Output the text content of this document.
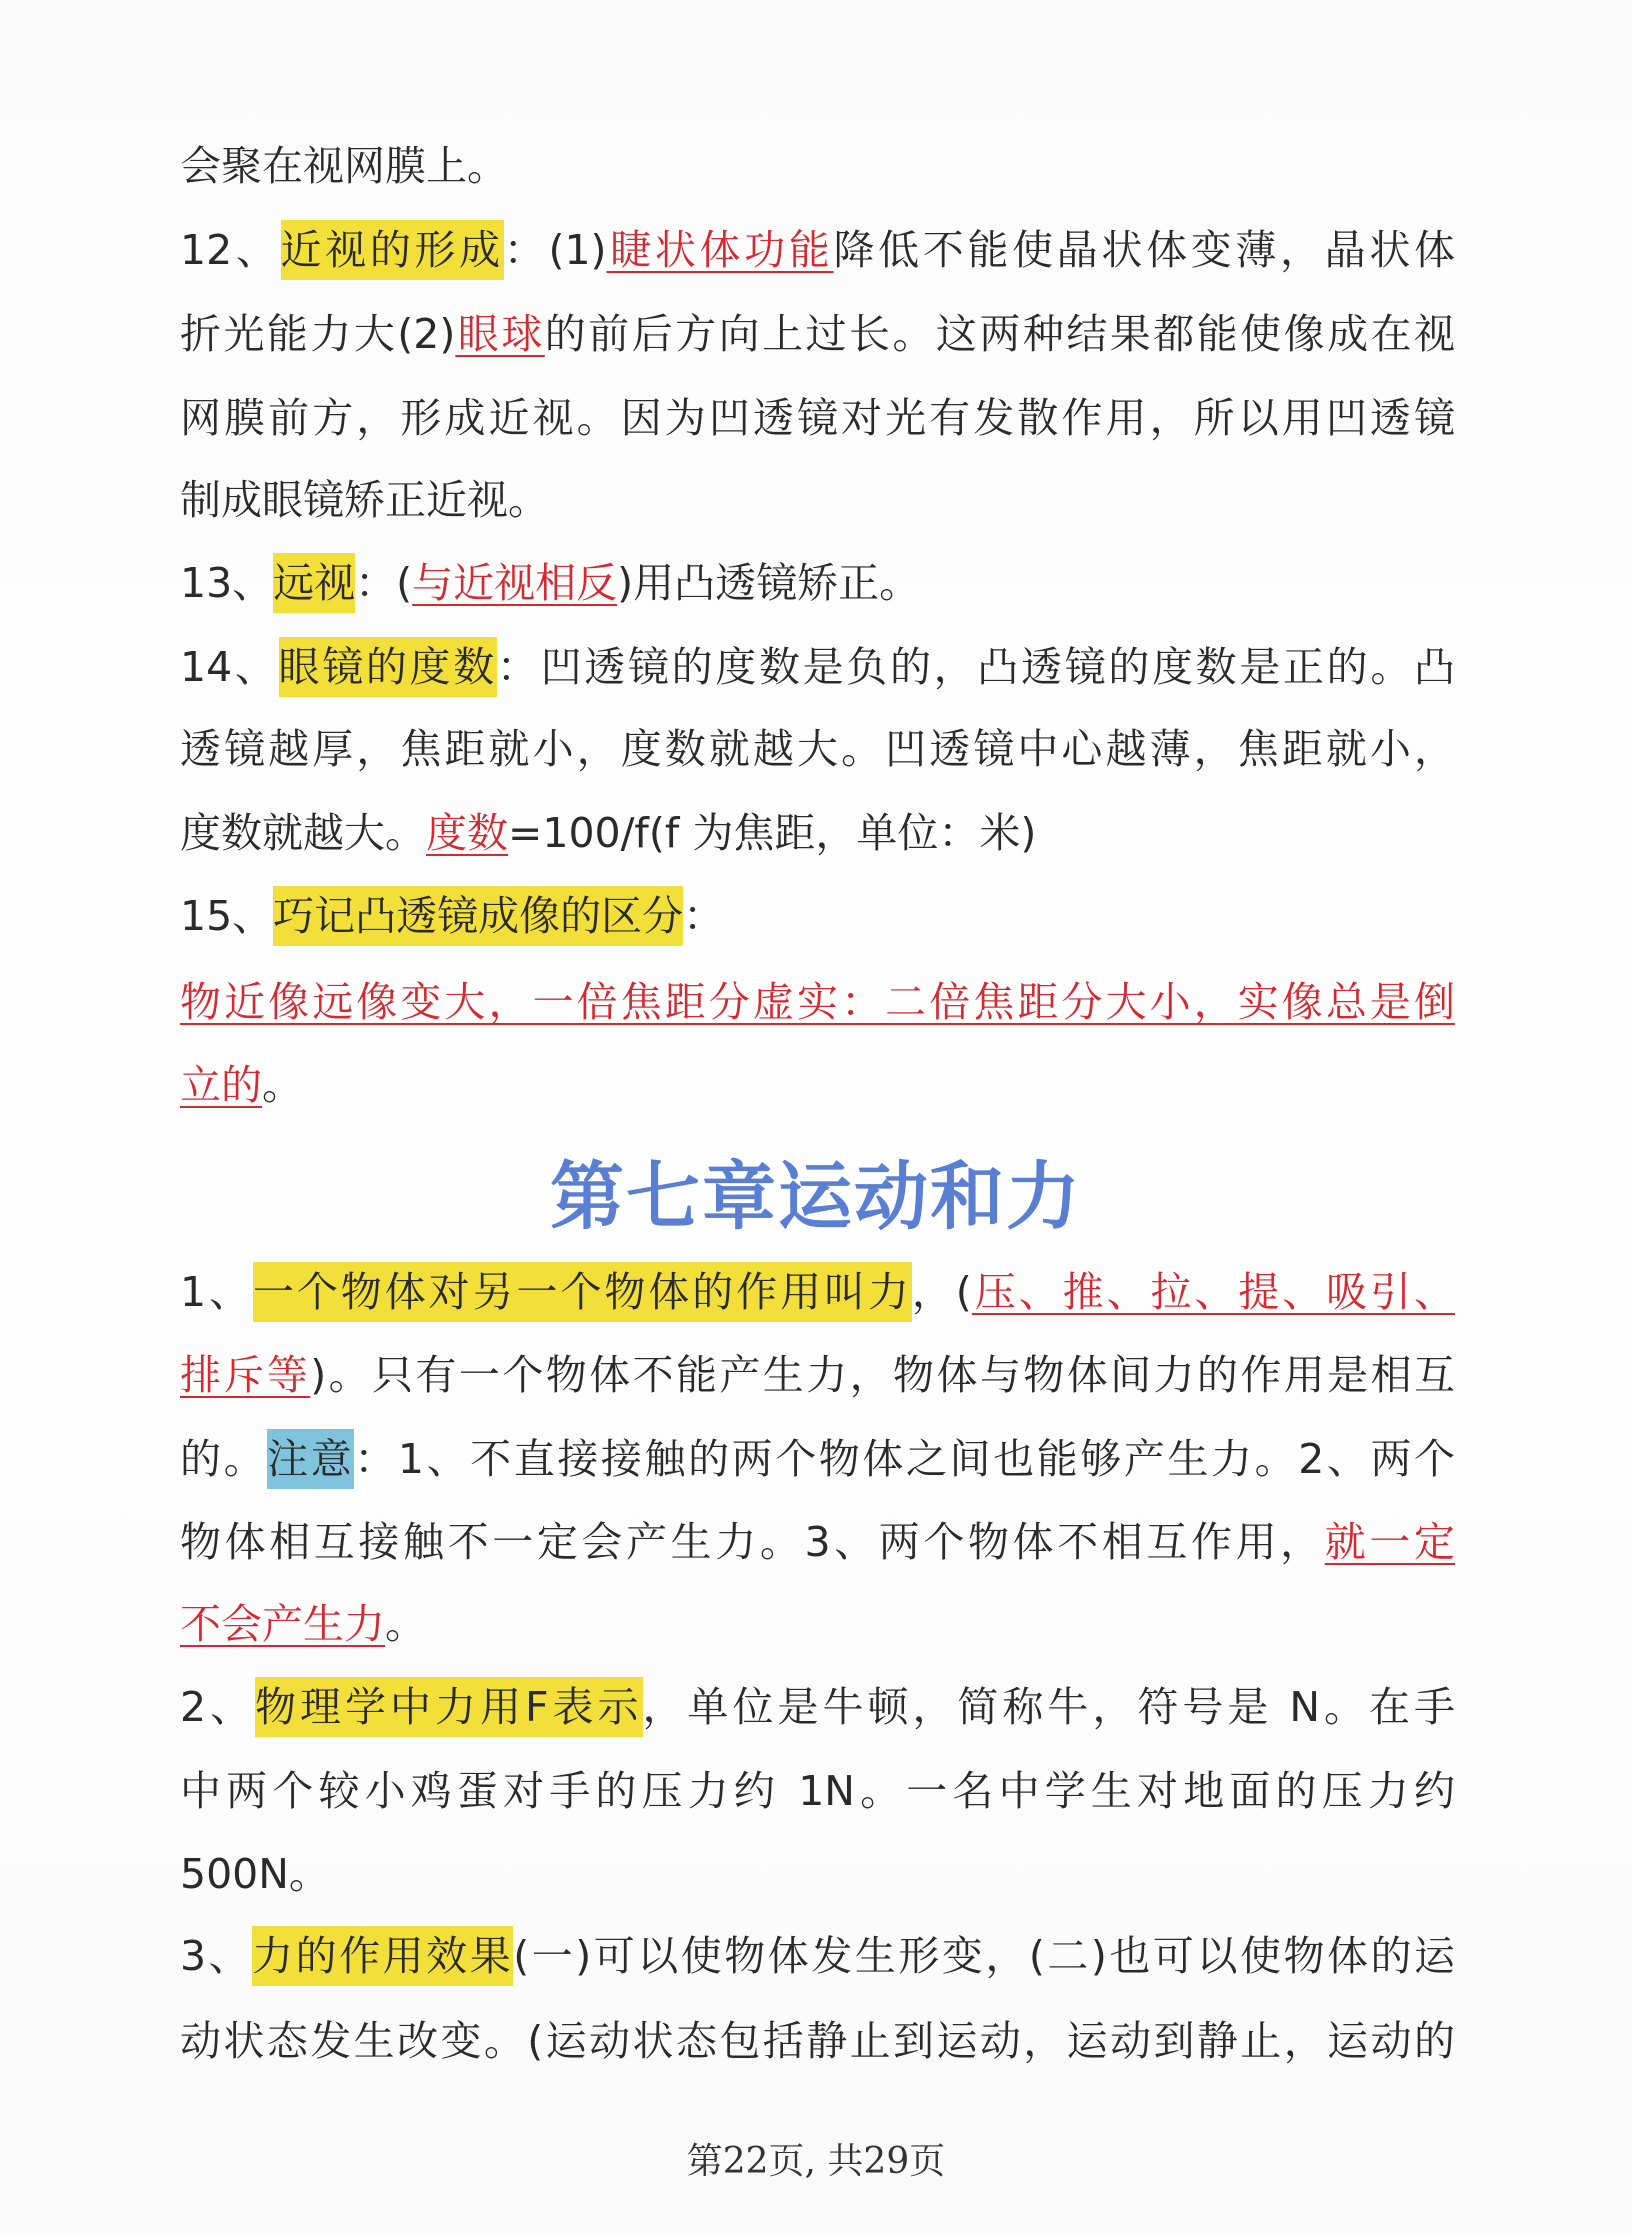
会聚在视网膜上。
12、近视的形成：(1)睫状体功能降低不能使晶状体变薄，晶状体
折光能力大(2)眼球的前后方向上过长。这两种结果都能使像成在视
网膜前方，形成近视。因为凹透镜对光有发散作用，所以用凹透镜
制成眼镜矫正近视。
13、远视：(与近视相反)用凸透镜矫正。
14、眼镜的度数：凹透镜的度数是负的，凸透镜的度数是正的。凸
透镜越厚，焦距就小，度数就越大。凹透镜中心越薄，焦距就小，
度数就越大。度数=100/f(f 为焦距，单位：米)
15、巧记凸透镜成像的区分：
物近像远像变大，一倍焦距分虚实：二倍焦距分大小，实像总是倒
立的。
第七章运动和力
1、一个物体对另一个物体的作用叫力，(压、推、拉、提、吸引、
排斥等)。只有一个物体不能产生力，物体与物体间力的作用是相互
的。注意：1、不直接接触的两个物体之间也能够产生力。2、两个
物体相互接触不一定会产生力。3、两个物体不相互作用，就一定
不会产生力。
2、物理学中力用F表示，单位是牛顿，简称牛，符号是 N。在手
中两个较小鸡蛋对手的压力约 1N。一名中学生对地面的压力约
500N。
3、力的作用效果(一)可以使物体发生形变，(二)也可以使物体的运
动状态发生改变。(运动状态包括静止到运动，运动到静止，运动的
第22页, 共29页
